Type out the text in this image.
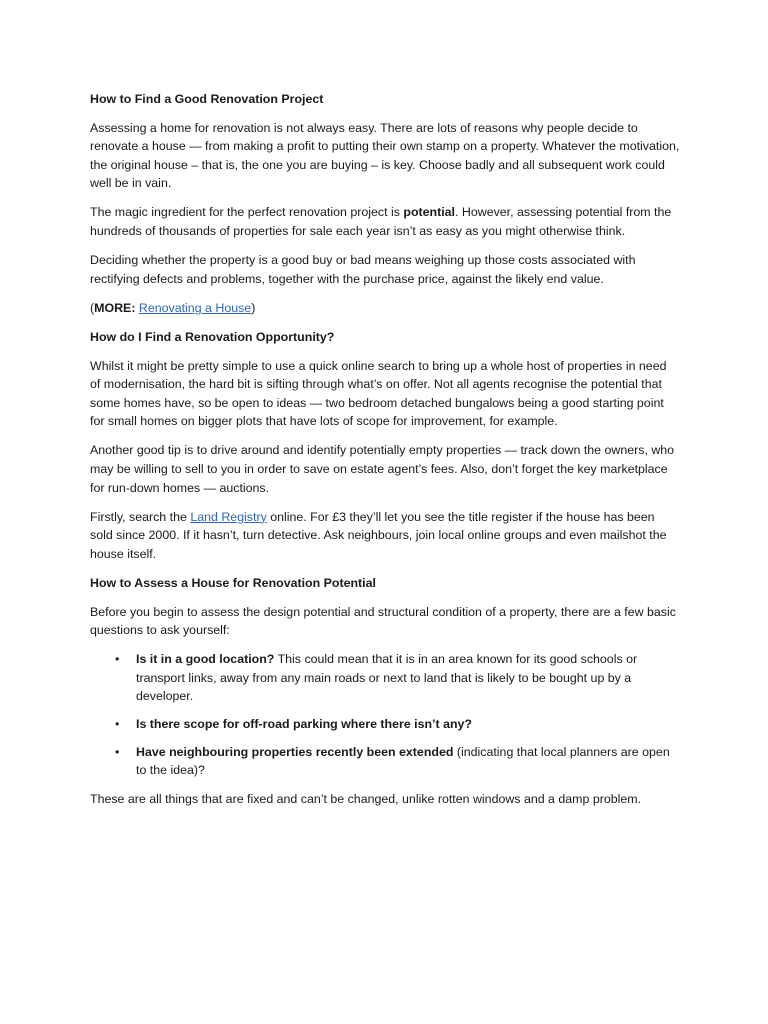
How to Find a Good Renovation Project

Assessing a home for renovation is not always easy. There are lots of reasons why people decide to renovate a house — from making a profit to putting their own stamp on a property. Whatever the motivation, the original house – that is, the one you are buying – is key. Choose badly and all subsequent work could well be in vain.

The magic ingredient for the perfect renovation project is potential. However, assessing potential from the hundreds of thousands of properties for sale each year isn’t as easy as you might otherwise think.

Deciding whether the property is a good buy or bad means weighing up those costs associated with rectifying defects and problems, together with the purchase price, against the likely end value.

(MORE: Renovating a House)

How do I Find a Renovation Opportunity?

Whilst it might be pretty simple to use a quick online search to bring up a whole host of properties in need of modernisation, the hard bit is sifting through what’s on offer. Not all agents recognise the potential that some homes have, so be open to ideas — two bedroom detached bungalows being a good starting point for small homes on bigger plots that have lots of scope for improvement, for example.

Another good tip is to drive around and identify potentially empty properties — track down the owners, who may be willing to sell to you in order to save on estate agent’s fees. Also, don’t forget the key marketplace for run-down homes — auctions.

Firstly, search the Land Registry online. For £3 they’ll let you see the title register if the house has been sold since 2000. If it hasn’t, turn detective. Ask neighbours, join local online groups and even mailshot the house itself.

How to Assess a House for Renovation Potential

Before you begin to assess the design potential and structural condition of a property, there are a few basic questions to ask yourself:

• Is it in a good location? This could mean that it is in an area known for its good schools or transport links, away from any main roads or next to land that is likely to be bought up by a developer.
• Is there scope for off-road parking where there isn’t any?
• Have neighbouring properties recently been extended (indicating that local planners are open to the idea)?

These are all things that are fixed and can’t be changed, unlike rotten windows and a damp problem.
